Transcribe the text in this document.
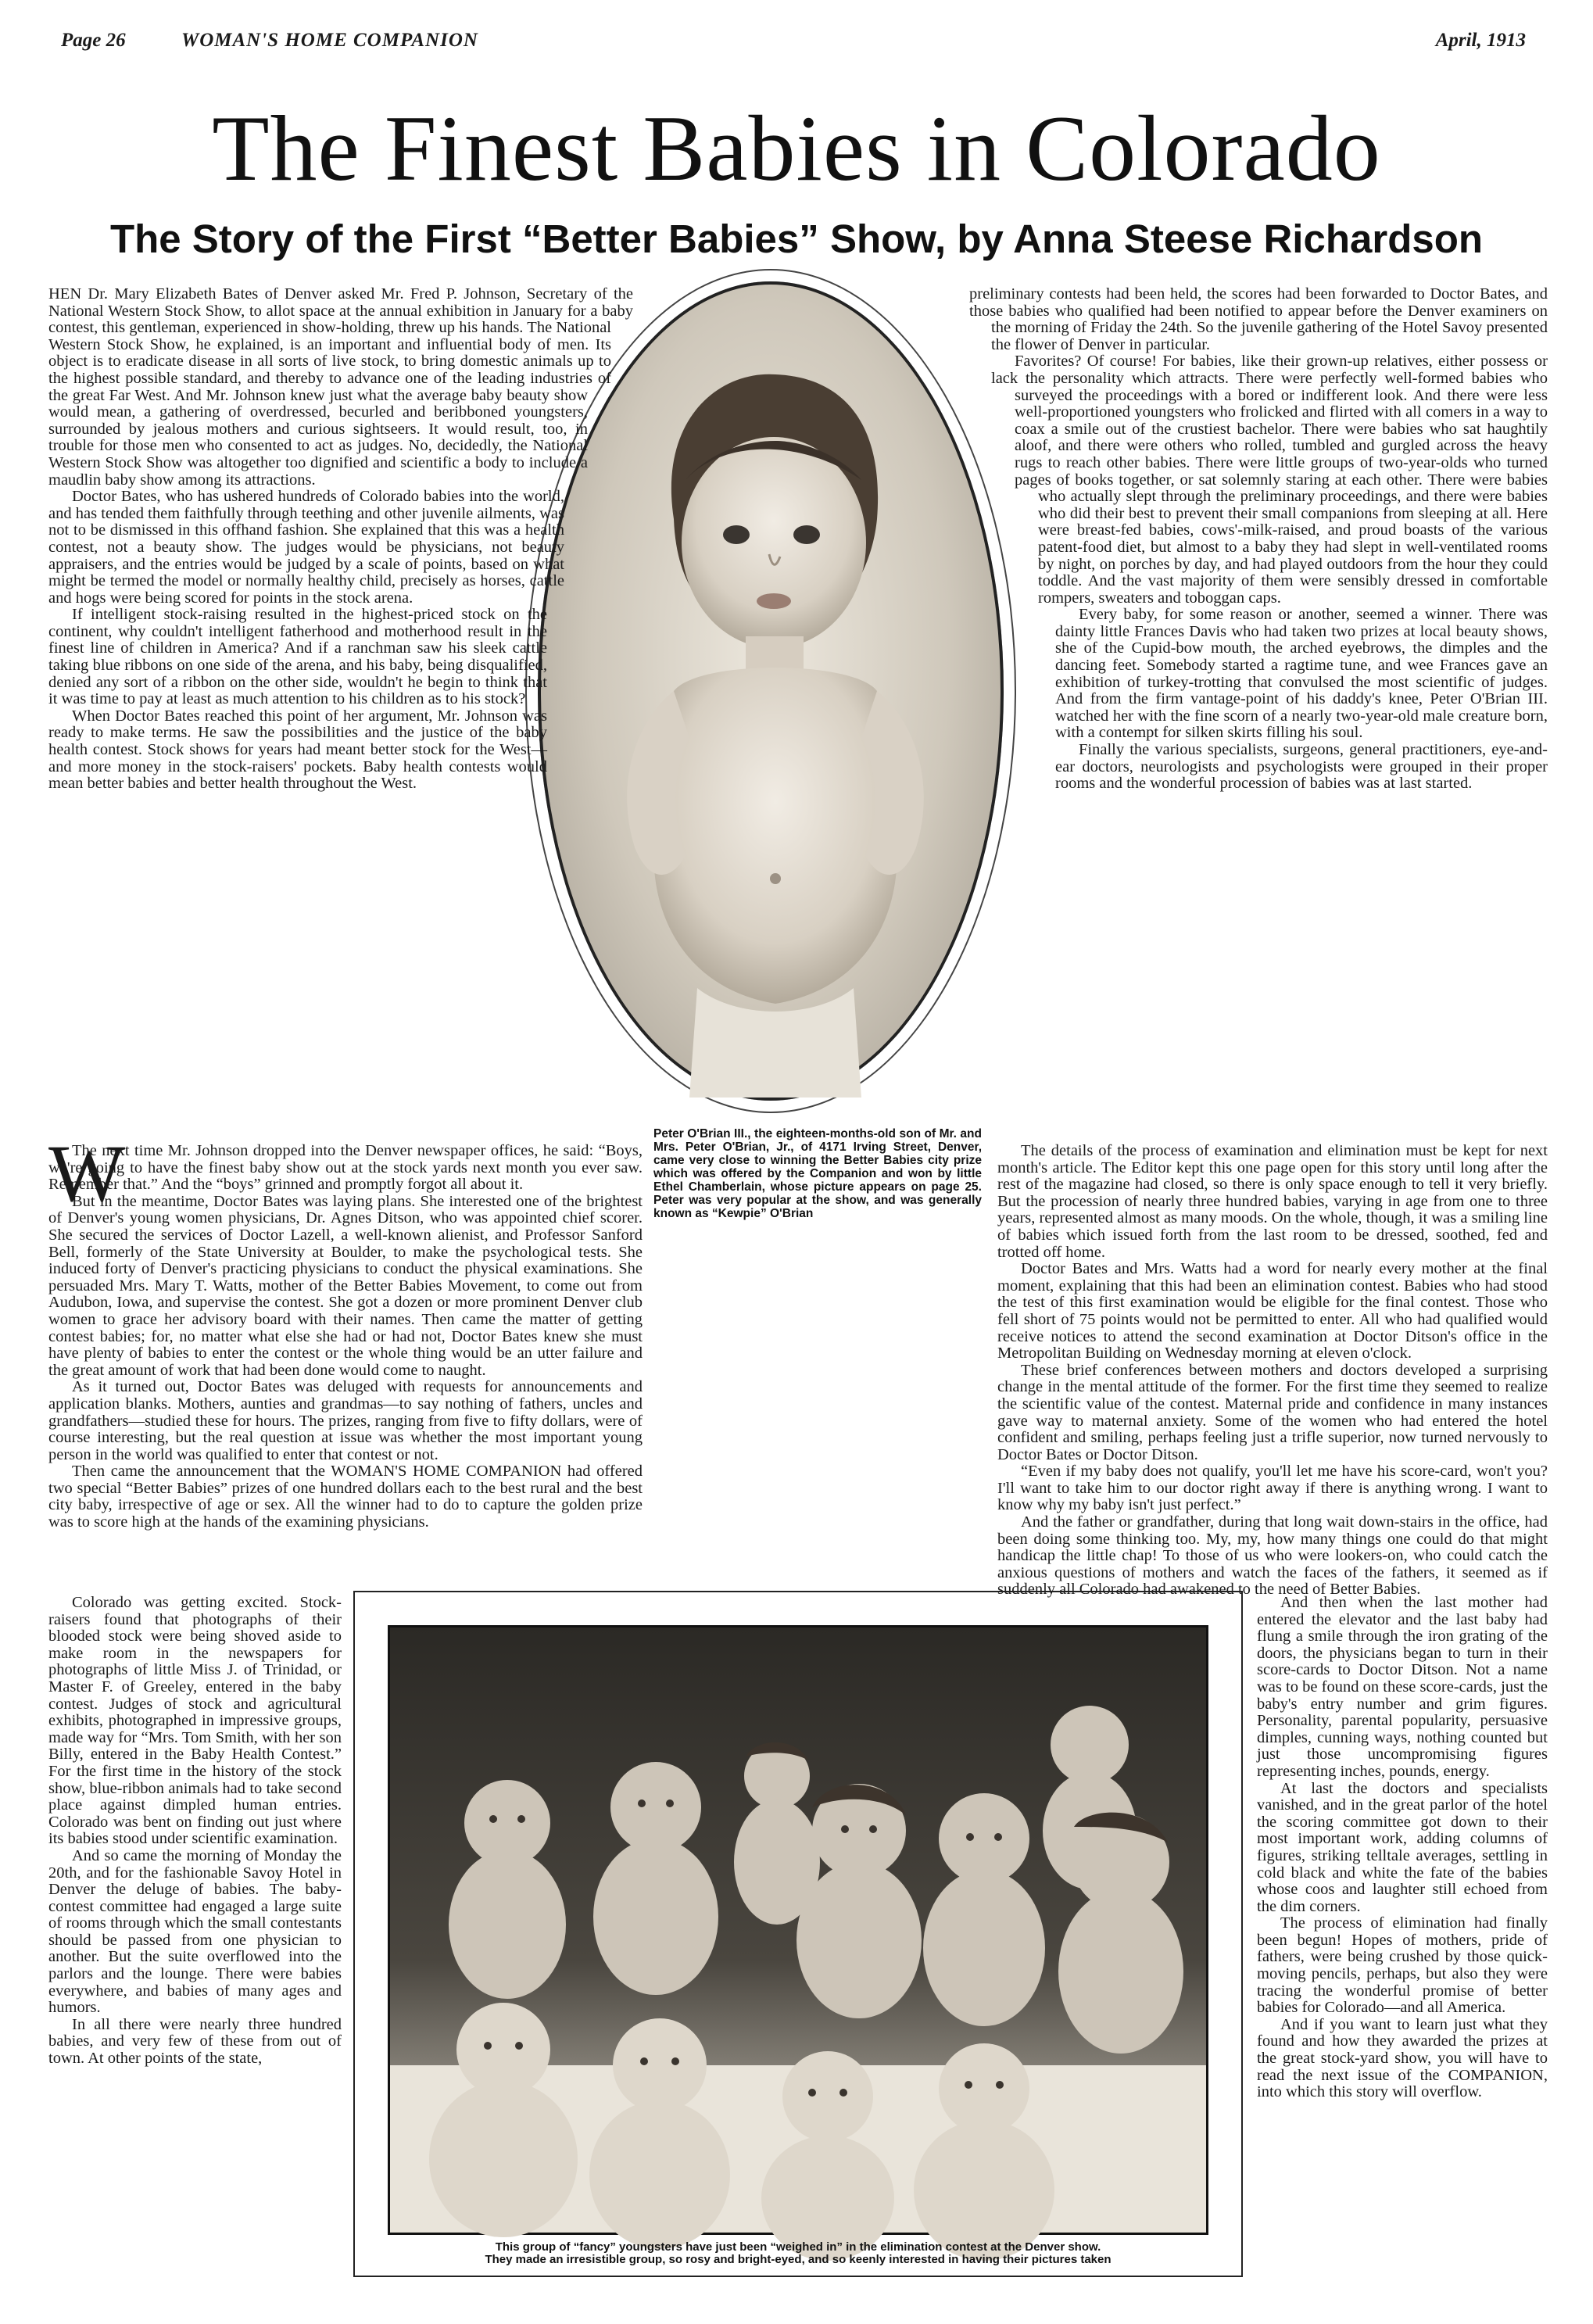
Page 26	WOMAN'S HOME COMPANION	April, 1913
The Finest Babies in Colorado
The Story of the First “Better Babies” Show, by Anna Steese Richardson
Peter O'Brian III., the eighteen-months-old son of Mr. and Mrs. Peter O'Brian, Jr., of 4171 Irving Street, Denver, came very close to winning the Better Babies city prize which was offered by the Companion and won by little Ethel Chamberlain, whose picture appears on page 25. Peter was very popular at the show, and was generally known as “Kewpie” O'Brian

W
HEN Dr. Mary Elizabeth Bates of Denver asked Mr. Fred P. Johnson, Secretary of the National Western Stock Show, to allot space at the annual exhibition in January for a baby contest, this gentleman, experienced in show-holding, threw up his hands. The National Western Stock Show, he explained, is an important and influential body of men. Its object is to eradicate disease in all sorts of live stock, to bring domestic animals up to the highest possible standard, and thereby to advance one of the leading industries of the great Far West. And Mr. Johnson knew just what the average baby beauty show would mean, a gathering of overdressed, becurled and beribboned youngsters, surrounded by jealous mothers and curious sightseers. It would result, too, in trouble for those men who consented to act as judges. No, decidedly, the National Western Stock Show was altogether too dignified and scientific a body to include a maudlin baby show among its attractions.

Doctor Bates, who has ushered hundreds of Colorado babies into the world, and has tended them faithfully through teething and other juvenile ailments, was not to be dismissed in this offhand fashion. She explained that this was a health contest, not a beauty show. The judges would be physicians, not beauty appraisers, and the entries would be judged by a scale of points, based on what might be termed the model or normally healthy child, precisely as horses, cattle and hogs were being scored for points in the stock arena.

If intelligent stock-raising resulted in the highest-priced stock on the continent, why couldn't intelligent fatherhood and motherhood result in the finest line of children in America? And if a ranchman saw his sleek cattle taking blue ribbons on one side of the arena, and his baby, being disqualified, denied any sort of a ribbon on the other side, wouldn't he begin to think that it was time to pay at least as much attention to his children as to his stock?

When Doctor Bates reached this point of her argument, Mr. Johnson was ready to make terms. He saw the possibilities and the justice of the baby health contest. Stock shows for years had meant better stock for the West—and more money in the stock-raisers' pockets. Baby health contests would mean better babies and better health throughout the West.

The next time Mr. Johnson dropped into the Denver newspaper offices, he said: “Boys, we're going to have the finest baby show out at the stock yards next month you ever saw. Remember that.” And the “boys” grinned and promptly forgot all about it.

But in the meantime, Doctor Bates was laying plans. She interested one of the brightest of Denver's young women physicians, Dr. Agnes Ditson, who was appointed chief scorer. She secured the services of Doctor Lazell, a well-known alienist, and Professor Sanford Bell, formerly of the State University at Boulder, to make the psychological tests. She induced forty of Denver's practicing physicians to conduct the physical examinations. She persuaded Mrs. Mary T. Watts, mother of the Better Babies Movement, to come out from Audubon, Iowa, and supervise the contest. She got a dozen or more prominent Denver club women to grace her advisory board with their names. Then came the matter of getting contest babies; for, no matter what else she had or had not, Doctor Bates knew she must have plenty of babies to enter the contest or the whole thing would be an utter failure and the great amount of work that had been done would come to naught.

As it turned out, Doctor Bates was deluged with requests for announcements and application blanks. Mothers, aunties and grandmas—to say nothing of fathers, uncles and grandfathers—studied these for hours. The prizes, ranging from five to fifty dollars, were of course interesting, but the real question at issue was whether the most important young person in the world was qualified to enter that contest or not.

Then came the announcement that the WOMAN'S HOME COMPANION had offered two special “Better Babies” prizes of one hundred dollars each to the best rural and the best city baby, irrespective of age or sex. All the winner had to do to capture the golden prize was to score high at the hands of the examining physicians.

Colorado was getting excited. Stock-raisers found that photographs of their blooded stock were being shoved aside to make room in the newspapers for photographs of little Miss J. of Trinidad, or Master F. of Greeley, entered in the baby contest. Judges of stock and agricultural exhibits, photographed in impressive groups, made way for “Mrs. Tom Smith, with her son Billy, entered in the Baby Health Contest.” For the first time in the history of the stock show, blue-ribbon animals had to take second place against dimpled human entries. Colorado was bent on finding out just where its babies stood under scientific examination.

And so came the morning of Monday the 20th, and for the fashionable Savoy Hotel in Denver the deluge of babies. The baby-contest committee had engaged a large suite of rooms through which the small contestants should be passed from one physician to another. But the suite overflowed into the parlors and the lounge. There were babies everywhere, and babies of many ages and humors.

In all there were nearly three hundred babies, and very few of these from out of town. At other points of the state,

preliminary contests had been held, the scores had been forwarded to Doctor Bates, and those babies who qualified had been notified to appear before the Denver examiners on the morning of Friday the 24th. So the juvenile gathering of the Hotel Savoy presented the flower of Denver in particular.

Favorites? Of course! For babies, like their grown-up relatives, either possess or lack the personality which attracts. There were perfectly well-formed babies who surveyed the proceedings with a bored or indifferent look. And there were less well-proportioned youngsters who frolicked and flirted with all comers in a way to coax a smile out of the crustiest bachelor. There were babies who sat haughtily aloof, and there were others who rolled, tumbled and gurgled across the heavy rugs to reach other babies. There were little groups of two-year-olds who turned pages of books together, or sat solemnly staring at each other. There were babies who actually slept through the preliminary proceedings, and there were babies who did their best to prevent their small companions from sleeping at all. Here were breast-fed babies, cows'-milk-raised, and proud boasts of the various patent-food diet, but almost to a baby they had slept in well-ventilated rooms by night, on porches by day, and had played outdoors from the hour they could toddle. And the vast majority of them were sensibly dressed in comfortable rompers, sweaters and toboggan caps.

Every baby, for some reason or another, seemed a winner. There was dainty little Frances Davis who had taken two prizes at local beauty shows, she of the Cupid-bow mouth, the arched eyebrows, the dimples and the dancing feet. Somebody started a ragtime tune, and wee Frances gave an exhibition of turkey-trotting that convulsed the most scientific of judges. And from the firm vantage-point of his daddy's knee, Peter O'Brian III. watched her with the fine scorn of a nearly two-year-old male creature born, with a contempt for silken skirts filling his soul.

Finally the various specialists, surgeons, general practitioners, eye-and-ear doctors, neurologists and psychologists were grouped in their proper rooms and the wonderful procession of babies was at last started.

The details of the process of examination and elimination must be kept for next month's article. The Editor kept this one page open for this story until long after the rest of the magazine had closed, so there is only space enough to tell it very briefly. But the procession of nearly three hundred babies, varying in age from one to three years, represented almost as many moods. On the whole, though, it was a smiling line of babies which issued forth from the last room to be dressed, soothed, fed and trotted off home.

Doctor Bates and Mrs. Watts had a word for nearly every mother at the final moment, explaining that this had been an elimination contest. Babies who had stood the test of this first examination would be eligible for the final contest. Those who fell short of 75 points would not be permitted to enter. All who had qualified would receive notices to attend the second examination at Doctor Ditson's office in the Metropolitan Building on Wednesday morning at eleven o'clock.

These brief conferences between mothers and doctors developed a surprising change in the mental attitude of the former. For the first time they seemed to realize the scientific value of the contest. Maternal pride and confidence in many instances gave way to maternal anxiety. Some of the women who had entered the hotel confident and smiling, perhaps feeling just a trifle superior, now turned nervously to Doctor Bates or Doctor Ditson.

“Even if my baby does not qualify, you'll let me have his score-card, won't you? I'll want to take him to our doctor right away if there is anything wrong. I want to know why my baby isn't just perfect.”

And the father or grandfather, during that long wait down-stairs in the office, had been doing some thinking too. My, my, how many things one could do that might handicap the little chap! To those of us who were lookers-on, who could catch the anxious questions of mothers and watch the faces of the fathers, it seemed as if suddenly all Colorado had awakened to the need of Better Babies.

And then when the last mother had entered the elevator and the last baby had flung a smile through the iron grating of the doors, the physicians began to turn in their score-cards to Doctor Ditson. Not a name was to be found on these score-cards, just the baby's entry number and grim figures. Personality, parental popularity, persuasive dimples, cunning ways, nothing counted but just those uncompromising figures representing inches, pounds, energy.

At last the doctors and specialists vanished, and in the great parlor of the hotel the scoring committee got down to their most important work, adding columns of figures, striking telltale averages, settling in cold black and white the fate of the babies whose coos and laughter still echoed from the dim corners.

The process of elimination had finally been begun! Hopes of mothers, pride of fathers, were being crushed by those quick-moving pencils, perhaps, but also they were tracing the wonderful promise of better babies for Colorado—and all America.

And if you want to learn just what they found and how they awarded the prizes at the great stock-yard show, you will have to read the next issue of the COMPANION, into which this story will overflow.

This group of “fancy” youngsters have just been “weighed in” in the elimination contest at the Denver show.
They made an irresistible group, so rosy and bright-eyed, and so keenly interested in having their pictures taken
